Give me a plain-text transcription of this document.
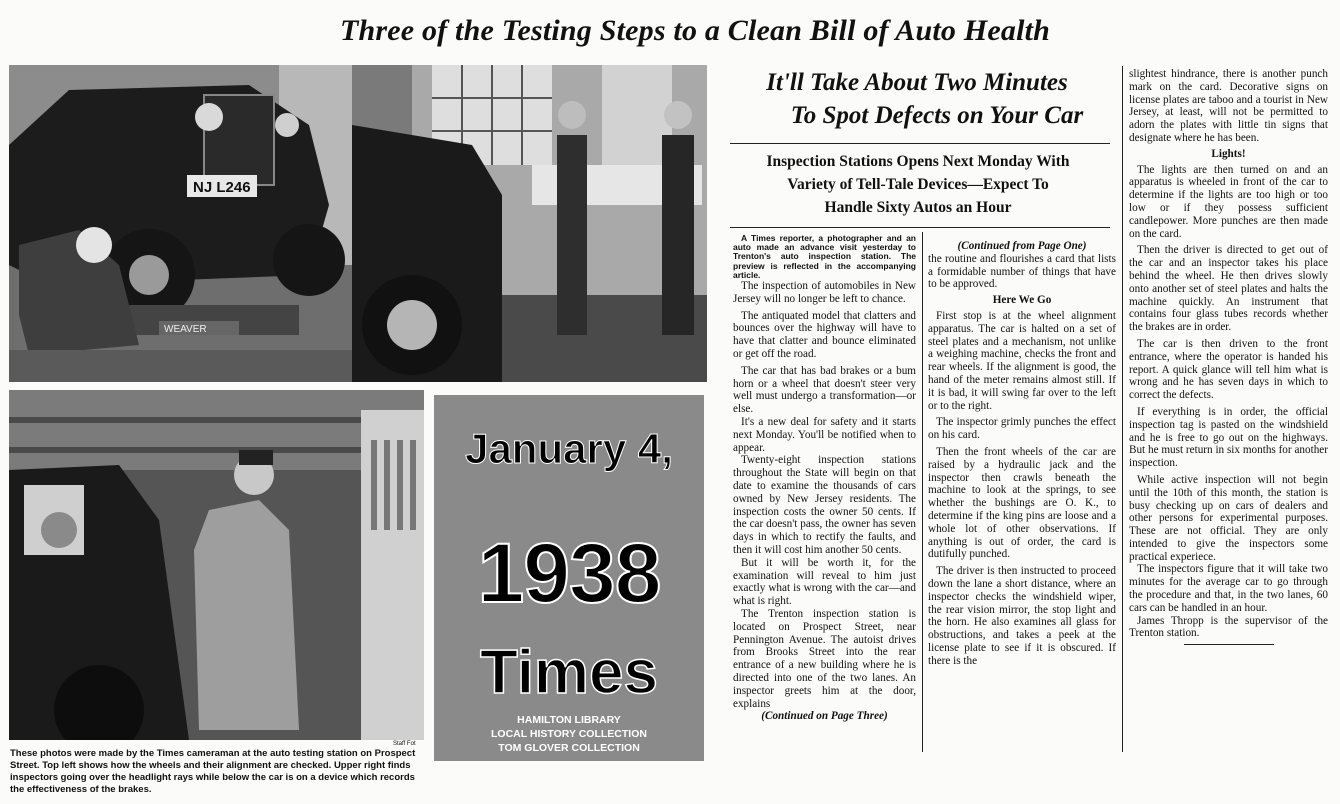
Three of the Testing Steps to a Clean Bill of Auto Health
NJ L246
WEAVER
Staff Fot
These photos were made by the Times cameraman at the auto testing station on Prospect Street. Top left shows how the wheels and their alignment are checked. Upper right finds inspectors going over the headlight rays while below the car is on a device which records the effectiveness of the brakes.
January 4,
1938
Times
HAMILTON LIBRARY
LOCAL HISTORY COLLECTION
TOM GLOVER COLLECTION
It'll Take About Two Minutes
To Spot Defects on Your Car
Inspection Stations Opens Next Monday With
Variety of Tell-Tale Devices—Expect To
Handle Sixty Autos an Hour

A Times reporter, a photographer and an auto made an advance visit yesterday to Trenton's auto inspection station. The preview is reflected in the accompanying article.

The inspection of automobiles in New Jersey will no longer be left to chance.

The antiquated model that clatters and bounces over the highway will have to have that clatter and bounce eliminated or get off the road.

The car that has bad brakes or a bum horn or a wheel that doesn't steer very well must undergo a transformation—or else.

It's a new deal for safety and it starts next Monday. You'll be notified when to appear.

Twenty-eight inspection stations throughout the State will begin on that date to examine the thousands of cars owned by New Jersey residents. The inspection costs the owner 50 cents. If the car doesn't pass, the owner has seven days in which to rectify the faults, and then it will cost him another 50 cents.

But it will be worth it, for the examination will reveal to him just exactly what is wrong with the car—and what is right.

The Trenton inspection station is located on Prospect Street, near Pennington Avenue. The autoist drives from Brooks Street into the rear entrance of a new building where he is directed into one of the two lanes. An inspector greets him at the door, explains

(Continued on Page Three)

(Continued from Page One)

the routine and flourishes a card that lists a formidable number of things that have to be approved.

Here We Go

First stop is at the wheel alignment apparatus. The car is halted on a set of steel plates and a mechanism, not unlike a weighing machine, checks the front and rear wheels. If the alignment is good, the hand of the meter remains almost still. If it is bad, it will swing far over to the left or to the right.

The inspector grimly punches the effect on his card.

Then the front wheels of the car are raised by a hydraulic jack and the inspector then crawls beneath the machine to look at the springs, to see whether the bushings are O. K., to determine if the king pins are loose and a whole lot of other observations. If anything is out of order, the card is dutifully punched.

The driver is then instructed to proceed down the lane a short distance, where an inspector checks the windshield wiper, the rear vision mirror, the stop light and the horn. He also examines all glass for obstructions, and takes a peek at the license plate to see if it is obscured. If there is the

slightest hindrance, there is another punch mark on the card. Decorative signs on license plates are taboo and a tourist in New Jersey, at least, will not be permitted to adorn the plates with little tin signs that designate where he has been.

Lights!

The lights are then turned on and an apparatus is wheeled in front of the car to determine if the lights are too high or too low or if they possess sufficient candlepower. More punches are then made on the card.

Then the driver is directed to get out of the car and an inspector takes his place behind the wheel. He then drives slowly onto another set of steel plates and halts the machine quickly. An instrument that contains four glass tubes records whether the brakes are in order.

The car is then driven to the front entrance, where the operator is handed his report. A quick glance will tell him what is wrong and he has seven days in which to correct the defects.

If everything is in order, the official inspection tag is pasted on the windshield and he is free to go out on the highways. But he must return in six months for another inspection.

While active inspection will not begin until the 10th of this month, the station is busy checking up on cars of dealers and other persons for experimental purposes. These are not official. They are only intended to give the inspectors some practical experiece.

The inspectors figure that it will take two minutes for the average car to go through the procedure and that, in the two lanes, 60 cars can be handled in an hour.

James Thropp is the supervisor of the Trenton station.
